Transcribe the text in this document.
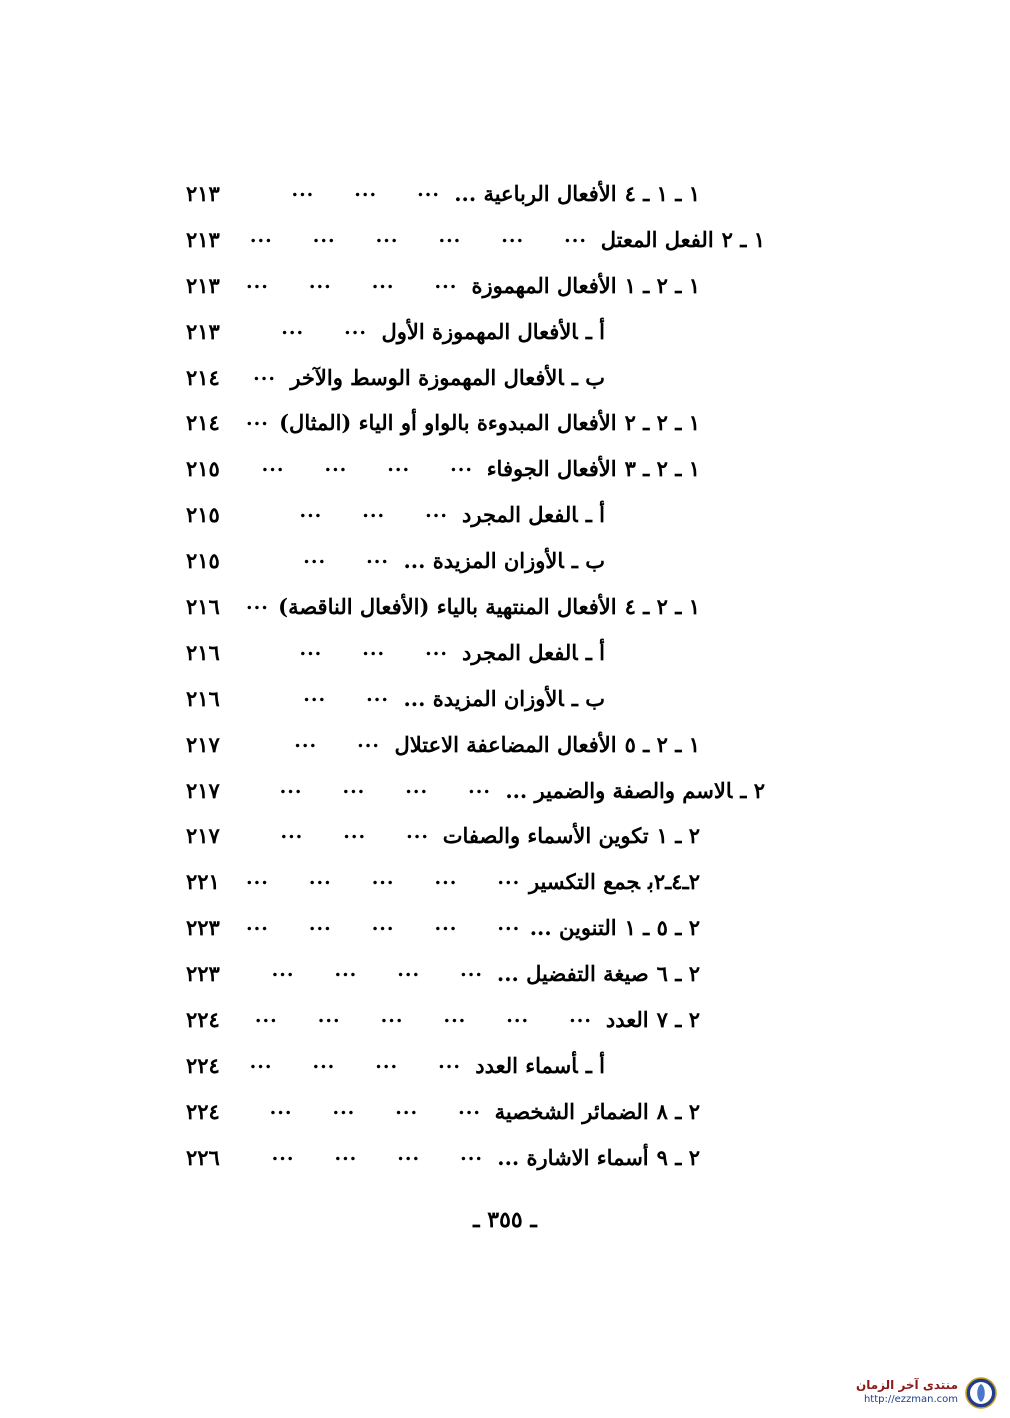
١ ـ ١ ـ ٤الأفعال الرباعية ...
...  ...  ...
٢١٣
١ ـ ٢الفعل المعتل
...  ...  ...  ...  ...  ...
٢١٣
١ ـ ٢ ـ ١الأفعال المهموزة
...  ...  ...  ...
٢١٣
أ ـالأفعال المهموزة الأول
...  ...
٢١٣
ب ـالأفعال المهموزة الوسط والآخر
...
٢١٤
١ ـ ٢ ـ ٢الأفعال المبدوءة بالواو أو الياء (المثال)
...
٢١٤
١ ـ ٢ ـ ٣الأفعال الجوفاء
...  ...  ...  ...
٢١٥
أ ـالفعل المجرد
...  ...  ...
٢١٥
ب ـالأوزان المزيدة ...
...  ...
٢١٥
١ ـ ٢ ـ ٤الأفعال المنتهية بالياء (الأفعال الناقصة)
...
٢١٦
أ ـالفعل المجرد
...  ...  ...
٢١٦
ب ـالأوزان المزيدة ...
...  ...
٢١٦
١ ـ ٢ ـ ٥الأفعال المضاعفة الاعتلال
...  ...
٢١٧
٢ ـالاسم والصفة والضمير ...
...  ...  ...  ...
٢١٧
٢ ـ ١تكوين الأسماء والصفات
...  ...  ...
٢١٧
٢ـ٤ـ٢بجمع التكسير
...  ...  ...  ...  ...
٢٢١
٢ ـ ٥ ـ ١التنوين ...
...  ...  ...  ...  ...
٢٢٣
٢ ـ ٦صيغة التفضيل ...
...  ...  ...  ...
٢٢٣
٢ ـ ٧العدد
...  ...  ...  ...  ...  ...
٢٢٤
أ ـأسماء العدد
...  ...  ...  ...
٢٢٤
٢ ـ ٨الضمائر الشخصية
...  ...  ...  ...
٢٢٤
٢ ـ ٩أسماء الاشارة ...
...  ...  ...  ...
٢٢٦
ـ ٣٥٥ ـ
منتدى آخر الزمان
http://ezzman.com
